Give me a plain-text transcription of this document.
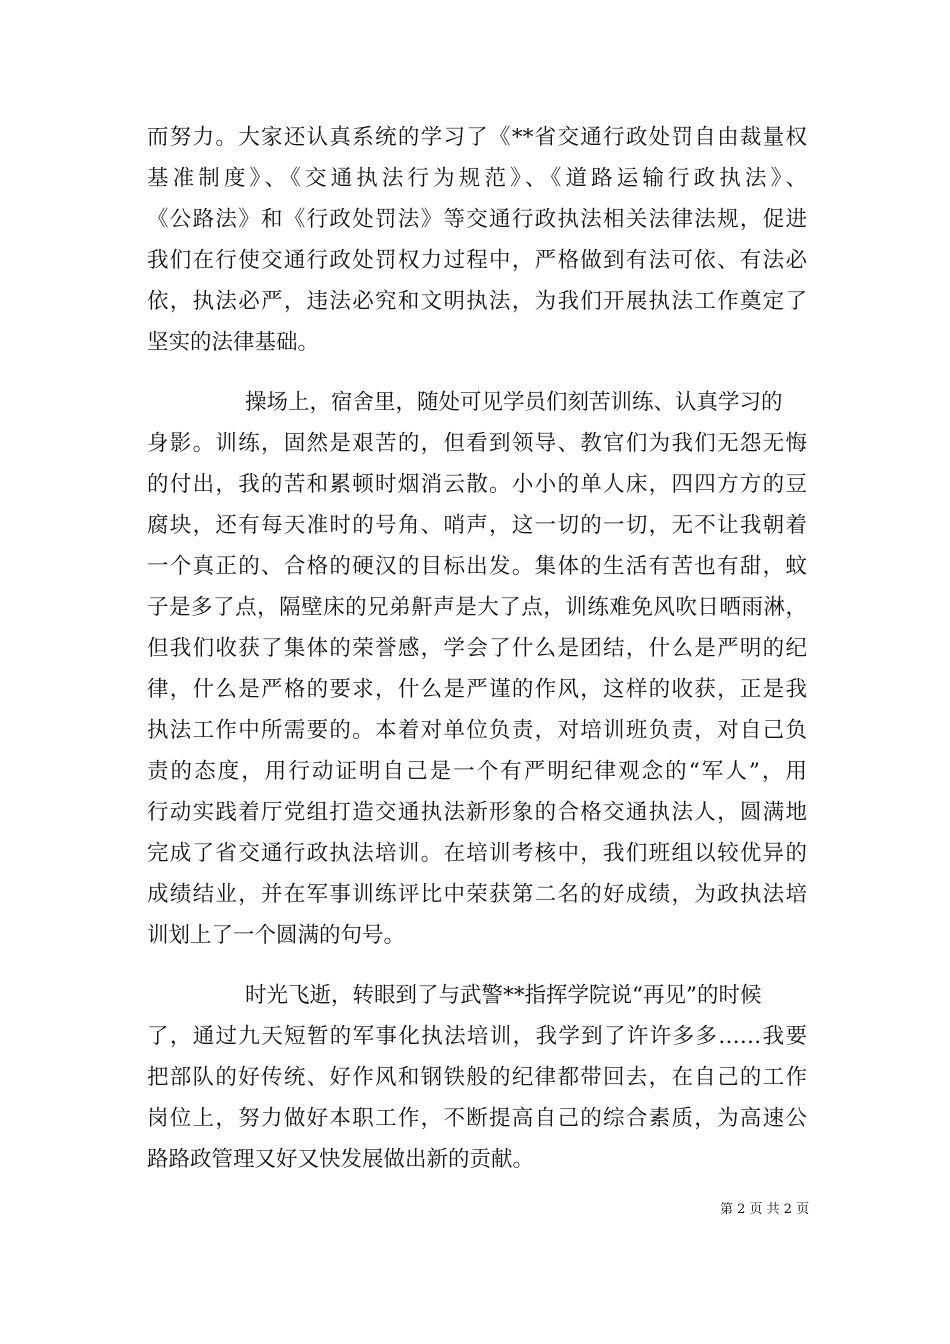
而努力。大家还认真系统的学习了《**省交通行政处罚自由裁量权
基准制度》、《交通执法行为规范》、《道路运输行政执法》、
《公路法》和《行政处罚法》等交通行政执法相关法律法规，促进
我们在行使交通行政处罚权力过程中，严格做到有法可依、有法必
依，执法必严，违法必究和文明执法，为我们开展执法工作奠定了
坚实的法律基础。
操场上，宿舍里，随处可见学员们刻苦训练、认真学习的
身影。训练，固然是艰苦的，但看到领导、教官们为我们无怨无悔
的付出，我的苦和累顿时烟消云散。小小的单人床，四四方方的豆
腐块，还有每天准时的号角、哨声，这一切的一切，无不让我朝着
一个真正的、合格的硬汉的目标出发。集体的生活有苦也有甜，蚊
子是多了点，隔壁床的兄弟鼾声是大了点，训练难免风吹日晒雨淋，
但我们收获了集体的荣誉感，学会了什么是团结，什么是严明的纪
律，什么是严格的要求，什么是严谨的作风，这样的收获，正是我
执法工作中所需要的。本着对单位负责，对培训班负责，对自己负
责的态度，用行动证明自己是一个有严明纪律观念的“军人”，用
行动实践着厅党组打造交通执法新形象的合格交通执法人，圆满地
完成了省交通行政执法培训。在培训考核中，我们班组以较优异的
成绩结业，并在军事训练评比中荣获第二名的好成绩，为政执法培
训划上了一个圆满的句号。
时光飞逝，转眼到了与武警**指挥学院说“再见”的时候
了，通过九天短暂的军事化执法培训，我学到了许许多多……我要
把部队的好传统、好作风和钢铁般的纪律都带回去，在自己的工作
岗位上，努力做好本职工作，不断提高自己的综合素质，为高速公
路路政管理又好又快发展做出新的贡献。
第 2 页 共 2 页
